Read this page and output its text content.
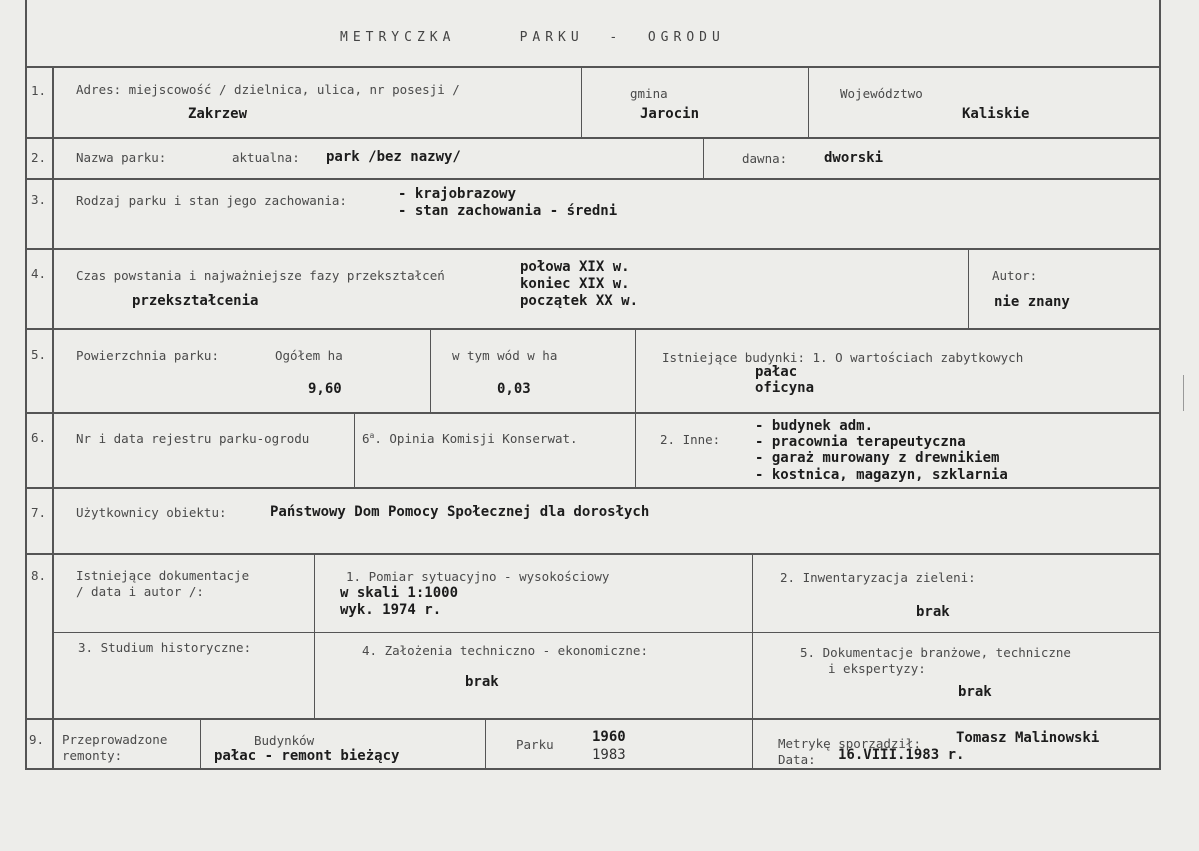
METRYCZKA     PARKU  -  OGRODU
1. Adres: miejscowość / dzielnica, ulica, nr posesji /
Zakrzew
gmina
Jarocin
Województwo
Kaliskie
2. Nazwa parku:	aktualna: park /bez nazwy/	dawna:	dworski
3. Rodzaj parku i stan jego zachowania:	- krajobrazowy
- stan zachowania - średni
4. Czas powstania i najważniejsze fazy przekształceń
przekształcenia
połowa XIX w.
koniec XIX w.
początek XX w.
Autor:
nie znany
5. Powierzchnia parku:	Ogółem ha
9,60
w tym wód w ha
0,03
Istniejące budynki: 1. O wartościach zabytkowych
pałac
oficyna
6. Nr i data rejestru parku-ogrodu	6$^a$. Opinia Komisji Konserwat.	2. Inne:
- budynek adm.
- pracownia terapeutyczna
- garaż murowany z drewnikiem
- kostnica, magazyn, szklarnia
7. Użytkownicy obiektu:	Państwowy Dom Pomocy Społecznej dla dorosłych
8. Istniejące dokumentacje
/ data i autor /:
1. Pomiar sytuacyjno - wysokościowy
w skali 1:1000
wyk. 1974 r.
2. Inwentaryzacja zieleni:
brak
3. Studium historyczne:	4. Założenia techniczno - ekonomiczne:
brak
5. Dokumentacje branżowe, techniczne
i ekspertyzy:
brak
9. Przeprowadzone
remonty:
Budynków
pałac - remont bieżący
Parku	1960
1983
Metrykę sporządził:	Tomasz Malinowski
Data: 16.VIII.1983 r.
